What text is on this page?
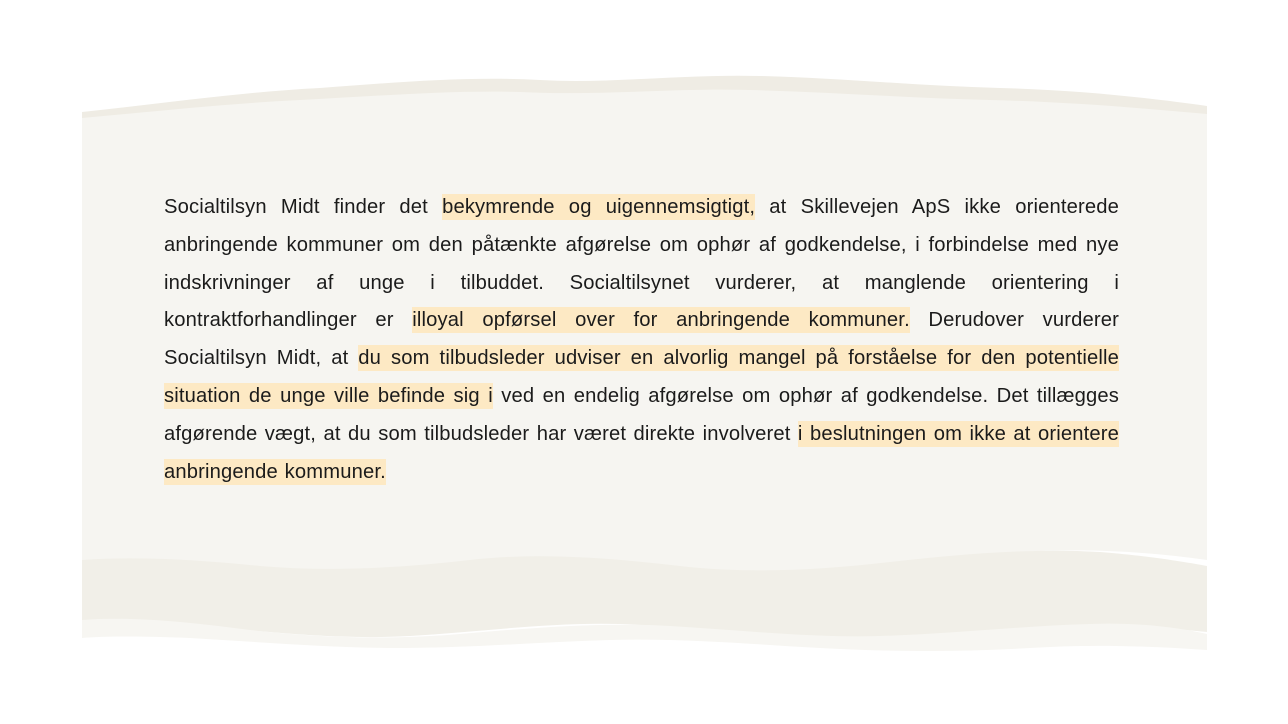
Socialtilsyn Midt finder det bekymrende og uigennemsigtigt, at Skillevejen ApS ikke orienterede anbringende kommuner om den påtænkte afgørelse om ophør af godkendelse, i forbindelse med nye indskrivninger af unge i tilbuddet. Socialtilsynet vurderer, at manglende orientering i kontraktforhandlinger er illoyal opførsel over for anbringende kommuner. Derudover vurderer Socialtilsyn Midt, at du som tilbudsleder udviser en alvorlig mangel på forståelse for den potentielle situation de unge ville befinde sig i ved en endelig afgørelse om ophør af godkendelse. Det tillægges afgørende vægt, at du som tilbudsleder har været direkte involveret i beslutningen om ikke at orientere anbringende kommuner.
